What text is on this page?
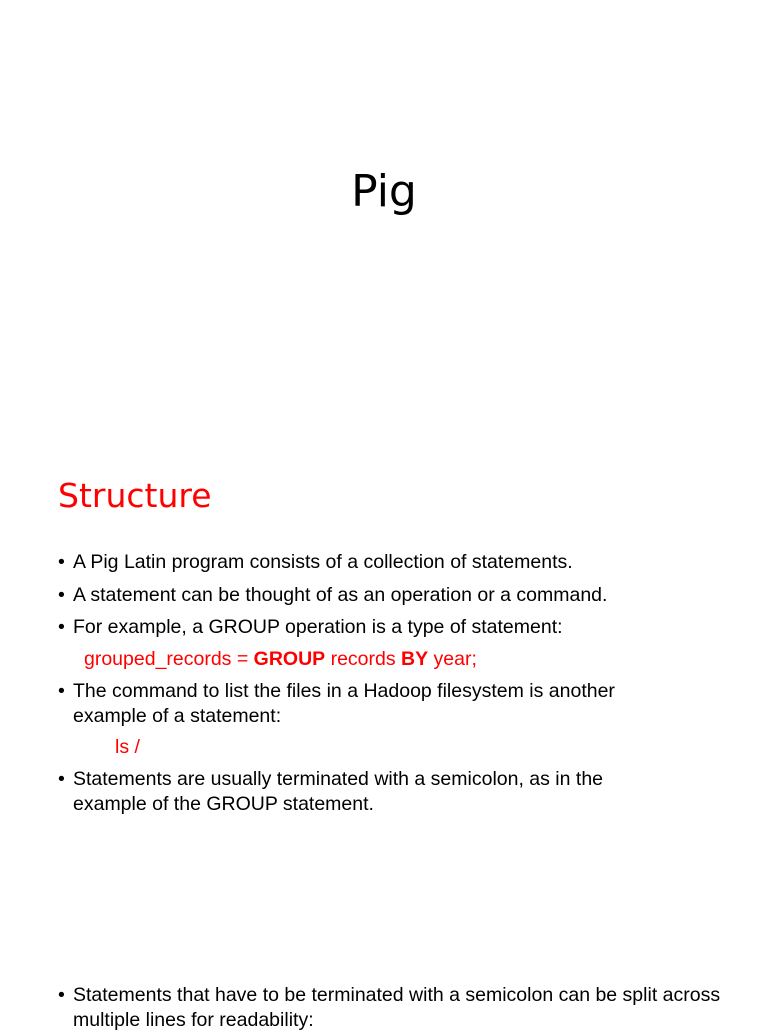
Pig
Structure
• A Pig Latin program consists of a collection of statements.
• A statement can be thought of as an operation or a command.
• For example, a GROUP operation is a type of statement:
grouped_records = GROUP records BY year;
• The command to list the files in a Hadoop filesystem is another example of a statement:
ls /
• Statements are usually terminated with a semicolon, as in the example of the GROUP statement.
• Statements that have to be terminated with a semicolon can be split across multiple lines for readability:
